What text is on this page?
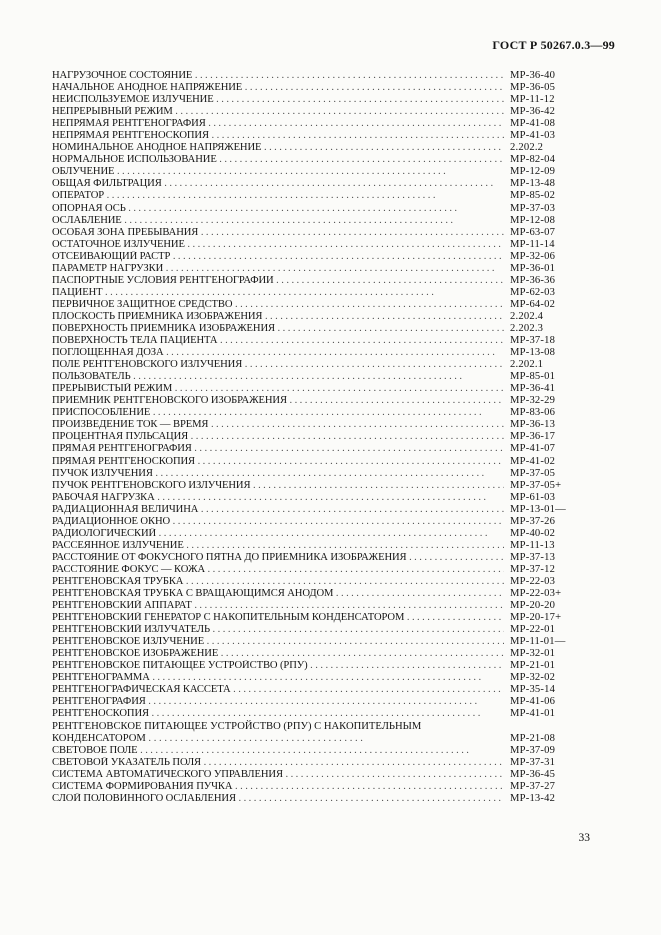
ГОСТ Р 50267.0.3—99
НАГРУЗОЧНОЕ СОСТОЯНИЕ . .	МР-36-40
НАЧАЛЬНОЕ АНОДНОЕ НАПРЯЖЕНИЕ . .	МР-36-05
НЕИСПОЛЬЗУЕМОЕ ИЗЛУЧЕНИЕ . .	МР-11-12
НЕПРЕРЫВНЫЙ РЕЖИМ . .	МР-36-42
НЕПРЯМАЯ РЕНТГЕНОГРАФИЯ . .	МР-41-08
НЕПРЯМАЯ РЕНТГЕНОСКОПИЯ . .	МР-41-03
НОМИНАЛЬНОЕ АНОДНОЕ НАПРЯЖЕНИЕ . .	2.202.2
НОРМАЛЬНОЕ ИСПОЛЬЗОВАНИЕ . .	МР-82-04
ОБЛУЧЕНИЕ . .	МР-12-09
ОБЩАЯ ФИЛЬТРАЦИЯ . .	МР-13-48
ОПЕРАТОР . .	МР-85-02
ОПОРНАЯ ОСЬ . .	МР-37-03
ОСЛАБЛЕНИЕ . .	МР-12-08
ОСОБАЯ ЗОНА ПРЕБЫВАНИЯ . .	МР-63-07
ОСТАТОЧНОЕ ИЗЛУЧЕНИЕ . .	МР-11-14
ОТСЕИВАЮЩИЙ РАСТР . .	МР-32-06
ПАРАМЕТР НАГРУЗКИ . .	МР-36-01
ПАСПОРТНЫЕ УСЛОВИЯ РЕНТГЕНОГРАФИИ . .	МР-36-36
ПАЦИЕНТ . .	МР-62-03
ПЕРВИЧНОЕ ЗАЩИТНОЕ СРЕДСТВО . .	МР-64-02
ПЛОСКОСТЬ ПРИЕМНИКА ИЗОБРАЖЕНИЯ . .	2.202.4
ПОВЕРХНОСТЬ ПРИЕМНИКА ИЗОБРАЖЕНИЯ . .	2.202.3
ПОВЕРХНОСТЬ ТЕЛА ПАЦИЕНТА . .	МР-37-18
ПОГЛОЩЕННАЯ ДОЗА . .	МР-13-08
ПОЛЕ РЕНТГЕНОВСКОГО ИЗЛУЧЕНИЯ . .	2.202.1
ПОЛЬЗОВАТЕЛЬ . .	МР-85-01
ПРЕРЫВИСТЫЙ РЕЖИМ . .	МР-36-41
ПРИЕМНИК РЕНТГЕНОВСКОГО ИЗОБРАЖЕНИЯ . .	МР-32-29
ПРИСПОСОБЛЕНИЕ . .	МР-83-06
ПРОИЗВЕДЕНИЕ ТОК — ВРЕМЯ . .	МР-36-13
ПРОЦЕНТНАЯ ПУЛЬСАЦИЯ . .	МР-36-17
ПРЯМАЯ РЕНТГЕНОГРАФИЯ . .	МР-41-07
ПРЯМАЯ РЕНТГЕНОСКОПИЯ . .	МР-41-02
ПУЧОК ИЗЛУЧЕНИЯ . .	МР-37-05
ПУЧОК РЕНТГЕНОВСКОГО ИЗЛУЧЕНИЯ . .	МР-37-05+
РАБОЧАЯ НАГРУЗКА . .	МР-61-03
РАДИАЦИОННАЯ ВЕЛИЧИНА . .	МР-13-01—
РАДИАЦИОННОЕ ОКНО . .	МР-37-26
РАДИОЛОГИЧЕСКИЙ . .	МР-40-02
РАССЕЯННОЕ ИЗЛУЧЕНИЕ . .	МР-11-13
РАССТОЯНИЕ ОТ ФОКУСНОГО ПЯТНА ДО ПРИЕМНИКА ИЗОБРАЖЕНИЯ . .	МР-37-13
РАССТОЯНИЕ ФОКУС — КОЖА . .	МР-37-12
РЕНТГЕНОВСКАЯ ТРУБКА . .	МР-22-03
РЕНТГЕНОВСКАЯ ТРУБКА С ВРАЩАЮЩИМСЯ АНОДОМ . .	МР-22-03+
РЕНТГЕНОВСКИЙ АППАРАТ . .	МР-20-20
РЕНТГЕНОВСКИЙ ГЕНЕРАТОР С НАКОПИТЕЛЬНЫМ КОНДЕНСАТОРОМ . .	МР-20-17+
РЕНТГЕНОВСКИЙ ИЗЛУЧАТЕЛЬ . .	МР-22-01
РЕНТГЕНОВСКОЕ ИЗЛУЧЕНИЕ . .	МР-11-01—
РЕНТГЕНОВСКОЕ ИЗОБРАЖЕНИЕ . .	МР-32-01
РЕНТГЕНОВСКОЕ ПИТАЮЩЕЕ УСТРОЙСТВО (РПУ) . .	МР-21-01
РЕНТГЕНОГРАММА . .	МР-32-02
РЕНТГЕНОГРАФИЧЕСКАЯ КАССЕТА . .	МР-35-14
РЕНТГЕНОГРАФИЯ . .	МР-41-06
РЕНТГЕНОСКОПИЯ . .	МР-41-01
РЕНТГЕНОВСКОЕ ПИТАЮЩЕЕ УСТРОЙСТВО (РПУ) С НАКОПИТЕЛЬНЫМ
КОНДЕНСАТОРОМ . .	МР-21-08
СВЕТОВОЕ ПОЛЕ . .	МР-37-09
СВЕТОВОЙ УКАЗАТЕЛЬ ПОЛЯ . .	МР-37-31
СИСТЕМА АВТОМАТИЧЕСКОГО УПРАВЛЕНИЯ . .	МР-36-45
СИСТЕМА ФОРМИРОВАНИЯ ПУЧКА . .	МР-37-27
СЛОЙ ПОЛОВИННОГО ОСЛАБЛЕНИЯ . .	МР-13-42
33
